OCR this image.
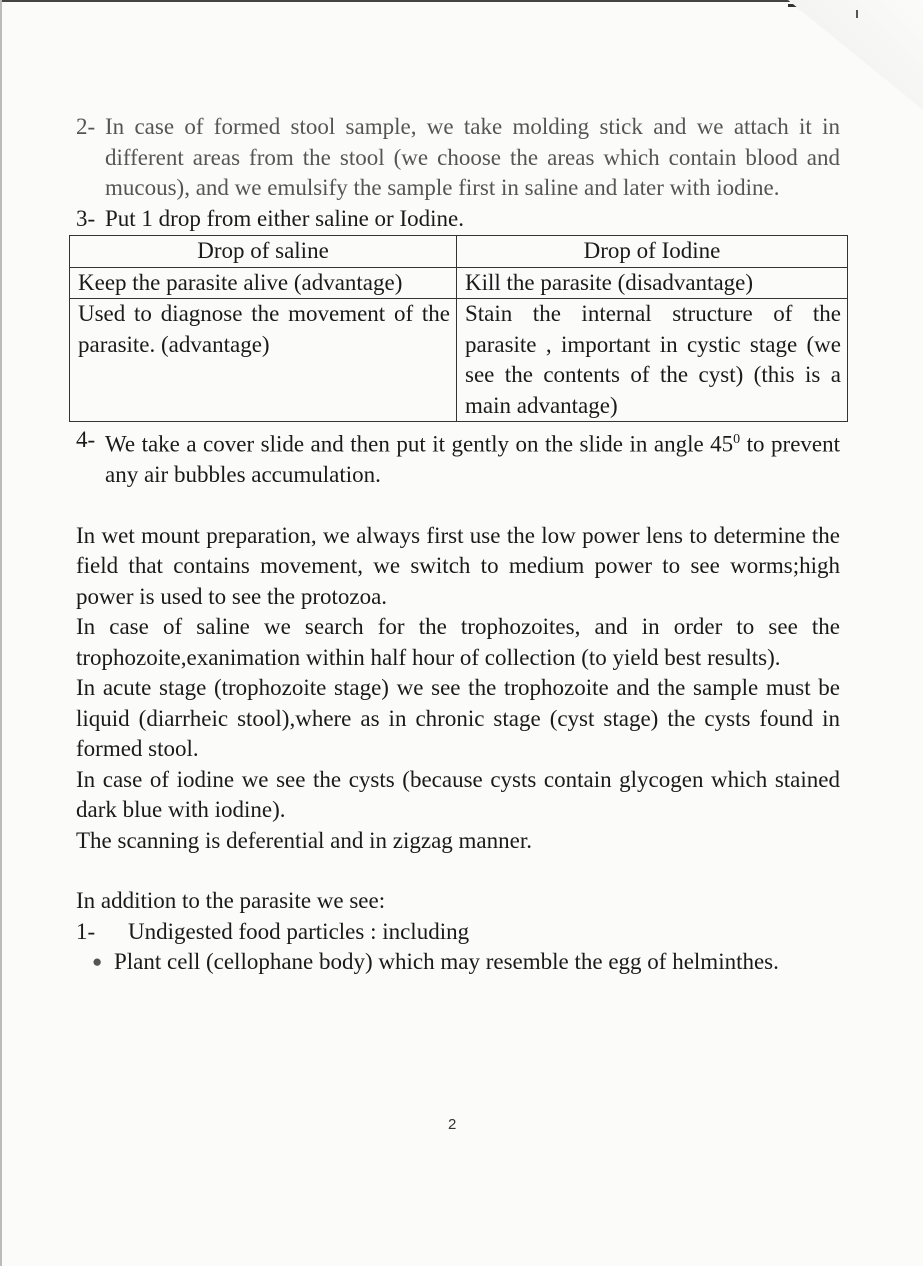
2- In case of formed stool sample, we take molding stick and we attach it in different areas from the stool (we choose the areas which contain blood and mucous), and we emulsify the sample first in saline and later with iodine.
3- Put 1 drop from either saline or Iodine.
Drop of saline	Drop of Iodine
Keep the parasite alive (advantage)	Kill the parasite (disadvantage)
Used to diagnose the movement of the parasite. (advantage)	Stain the internal structure of the parasite , important in cystic stage (we see the contents of the cyst) (this is a main advantage)
4- We take a cover slide and then put it gently on the slide in angle $45^0$ to prevent any air bubbles accumulation.
In wet mount preparation, we always first use the low power lens to determine the field that contains movement, we switch to medium power to see worms;high power is used to see the protozoa.
In case of saline we search for the trophozoites, and in order to see the trophozoite,exanimation within half hour of collection (to yield best results).
In acute stage (trophozoite stage) we see the trophozoite and the sample must be liquid (diarrheic stool),where as in chronic stage (cyst stage) the cysts found in formed stool.
In case of iodine we see the cysts (because cysts contain glycogen which stained dark blue with iodine).
The scanning is deferential and in zigzag manner.
In addition to the parasite we see:
1-	Undigested food particles : including
● Plant cell (cellophane body) which may resemble the egg of helminthes.
2
